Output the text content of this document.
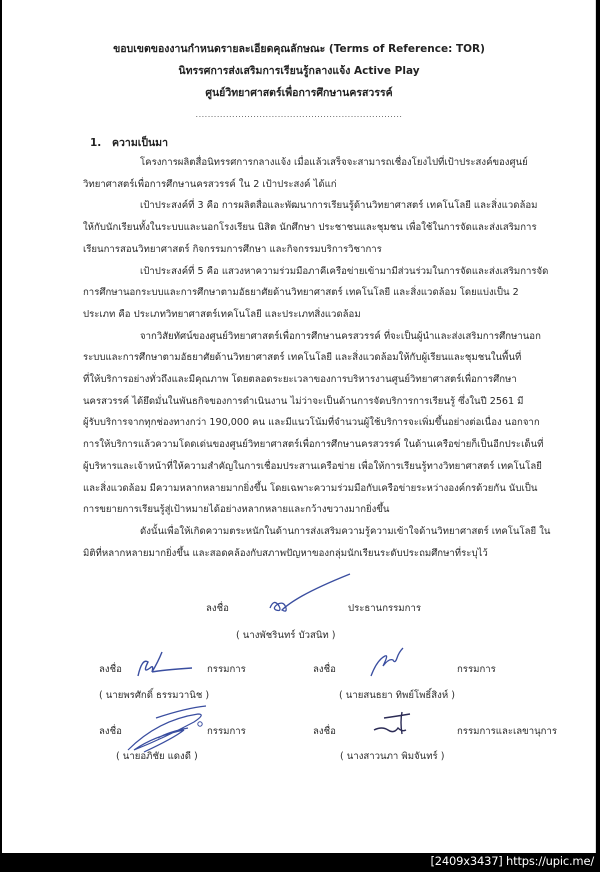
ขอบเขตของงานกำหนดรายละเอียดคุณลักษณะ (Terms of Reference: TOR)
นิทรรศการส่งเสริมการเรียนรู้กลางแจ้ง Active Play
ศูนย์วิทยาศาสตร์เพื่อการศึกษานครสวรรค์
....................................................................
1. ความเป็นมา
โครงการผลิตสื่อนิทรรศการกลางแจ้ง เมื่อแล้วเสร็จจะสามารถเชื่องโยงไปที่เป้าประสงค์ของศูนย์
วิทยาศาสตร์เพื่อการศึกษานครสวรรค์ ใน 2 เป้าประสงค์ ได้แก่
เป้าประสงค์ที่ 3 คือ การผลิตสื่อและพัฒนาการเรียนรู้ด้านวิทยาศาสตร์ เทคโนโลยี และสิ่งแวดล้อม
ให้กับนักเรียนทั้งในระบบและนอกโรงเรียน นิสิต นักศึกษา ประชาชนและชุมชน เพื่อใช้ในการจัดและส่งเสริมการ
เรียนการสอนวิทยาศาสตร์ กิจกรรมการศึกษา และกิจกรรมบริการวิชาการ
เป้าประสงค์ที่ 5 คือ แสวงหาความร่วมมือภาคีเครือข่ายเข้ามามีส่วนร่วมในการจัดและส่งเสริมการจัด
การศึกษานอกระบบและการศึกษาตามอัธยาศัยด้านวิทยาศาสตร์ เทคโนโลยี และสิ่งแวดล้อม โดยแบ่งเป็น 2
ประเภท คือ ประเภทวิทยาศาสตร์เทคโนโลยี และประเภทสิ่งแวดล้อม
จากวิสัยทัศน์ของศูนย์วิทยาศาสตร์เพื่อการศึกษานครสวรรค์ ที่จะเป็นผู้นำและส่งเสริมการศึกษานอก
ระบบและการศึกษาตามอัธยาศัยด้านวิทยาศาสตร์ เทคโนโลยี และสิ่งแวดล้อมให้กับผู้เรียนและชุมชนในพื้นที่
ที่ให้บริการอย่างทั่วถึงและมีคุณภาพ โดยตลอดระยะเวลาของการบริหารงานศูนย์วิทยาศาสตร์เพื่อการศึกษา
นครสวรรค์ ได้ยึดมั่นในพันธกิจของการดำเนินงาน ไม่ว่าจะเป็นด้านการจัดบริการการเรียนรู้ ซึ่งในปี 2561 มี
ผู้รับบริการจากทุกช่องทางกว่า 190,000 คน และมีแนวโน้มที่จำนวนผู้ใช้บริการจะเพิ่มขึ้นอย่างต่อเนื่อง นอกจาก
การให้บริการแล้วความโดดเด่นของศูนย์วิทยาศาสตร์เพื่อการศึกษานครสวรรค์ ในด้านเครือข่ายก็เป็นอีกประเด็นที่
ผู้บริหารและเจ้าหน้าที่ให้ความสำคัญในการเชื่อมประสานเครือข่าย เพื่อให้การเรียนรู้ทางวิทยาศาสตร์ เทคโนโลยี
และสิ่งแวดล้อม มีความหลากหลายมากยิ่งขึ้น โดยเฉพาะความร่วมมือกับเครือข่ายระหว่างองค์กรด้วยกัน นับเป็น
การขยายการเรียนรู้สู่เป้าหมายได้อย่างหลากหลายและกว้างขวางมากยิ่งขึ้น
ดังนั้นเพื่อให้เกิดความตระหนักในด้านการส่งเสริมความรู้ความเข้าใจด้านวิทยาศาสตร์ เทคโนโลยี ใน
มิติที่หลากหลายมากยิ่งขึ้น และสอดคล้องกับสภาพปัญหาของกลุ่มนักเรียนระดับประถมศึกษาที่ระบุไว้
ลงชื่อ	ประธานกรรมการ
( นางพัชรินทร์ บัวสนิท )
ลงชื่อ	กรรมการ
( นายพรศักดิ์ ธรรมวานิช )
ลงชื่อ	กรรมการ
( นายสนธยา ทิพย์โพธิ์สิงห์ )
ลงชื่อ	กรรมการ
( นายอภิชัย แดงดี )
ลงชื่อ	กรรมการและเลขานุการ
( นางสาวนภา พิมจันทร์ )
[2409x3437] https://upic.me/
